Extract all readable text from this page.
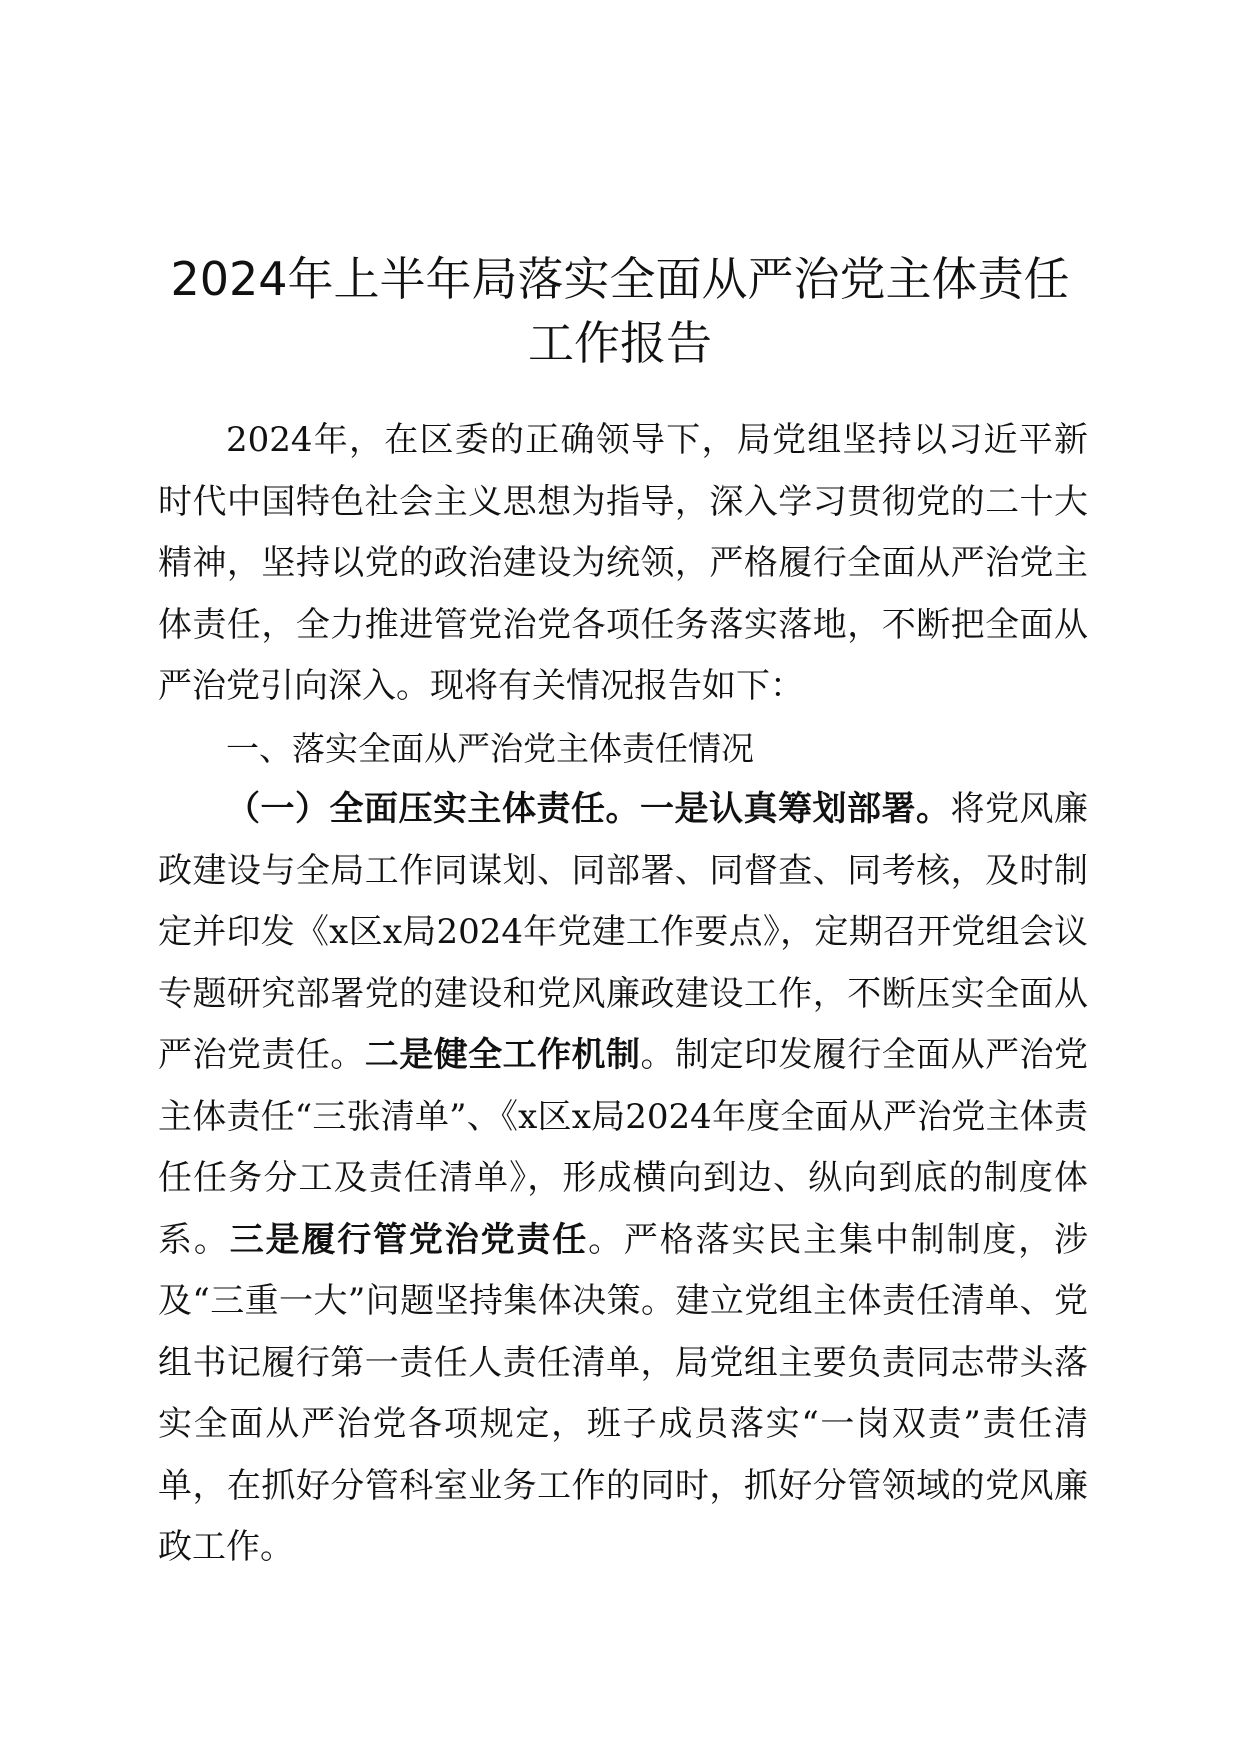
2024年上半年局落实全面从严治党主体责任
工作报告

2024年，在区委的正确领导下，局党组坚持以习近平新时代中国特色社会主义思想为指导，深入学习贯彻党的二十大精神，坚持以党的政治建设为统领，严格履行全面从严治党主体责任，全力推进管党治党各项任务落实落地，不断把全面从严治党引向深入。现将有关情况报告如下：

一、落实全面从严治党主体责任情况

（一）全面压实主体责任。一是认真筹划部署。将党风廉政建设与全局工作同谋划、同部署、同督查、同考核，及时制定并印发《x区x局2024年党建工作要点》，定期召开党组会议专题研究部署党的建设和党风廉政建设工作，不断压实全面从严治党责任。二是健全工作机制。制定印发履行全面从严治党主体责任“三张清单”、《x区x局2024年度全面从严治党主体责任任务分工及责任清单》，形成横向到边、纵向到底的制度体系。三是履行管党治党责任。严格落实民主集中制制度，涉及“三重一大”问题坚持集体决策。建立党组主体责任清单、党组书记履行第一责任人责任清单，局党组主要负责同志带头落实全面从严治党各项规定，班子成员落实“一岗双责”责任清单，在抓好分管科室业务工作的同时，抓好分管领域的党风廉政工作。
